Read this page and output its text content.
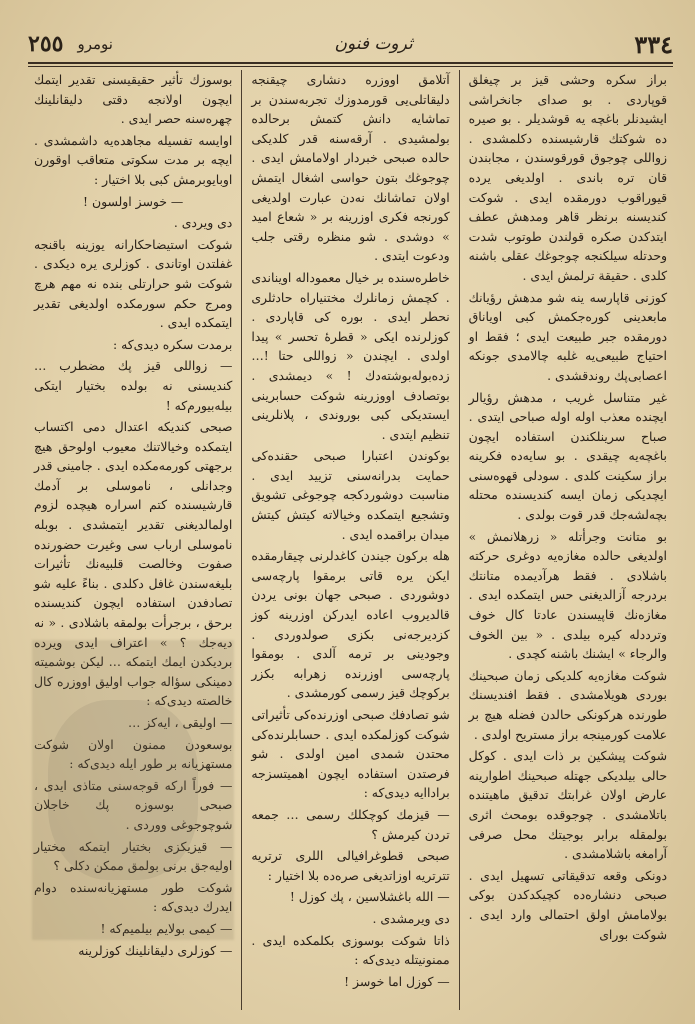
٢٥٥ نومرو	ثروت فنون	۳۳٤

براز سكره وحشى قيز بر چيغلق قوپاردى . بو صداى جانخراشى ايشيدنلر باغچه يه قوشديلر . بو صيره ده شوكتك قارشيسنده دكلمشدى . زواللى چوجوق قورقوسندن ، مجابندن قان تره باندى . اولديغى يرده قيوراقوب دورمقده ايدى . شوكت كنديسنه برنظر قاهر ومدهش عطف ايتدكدن صكره قولندن طوتوب شدت وحدتله سيلكنجه چوجوغك عقلى باشنه كلدى . حقيقة ترلمش ايدى .

كوزنى قاپارسه ينه شو مدهش رؤيانك مابعدينى كوره‌جكمش كبى اوياناق دورمقده جبر طبيعت ايدى ؛ فقط او احتياج طبيعى‌يه غلبه چالامدى جونكه اعصابى‌پك روندقشدى .

غير متناسل غريب ، مدهش رؤيالر ايچنده معذب اوله اوله صباحى ايتدى . صباح سرينلكندن استفاده ايچون باغچه‌يه چيقدى . بو سايه‌ده فكرينه براز سكينت كلدى . سودلى قهوه‌سنى ايچديكى زمان ايسه كنديسنده محتله بچه‌لشه‌جك قدر قوت بولدى .

بو متانت وجرأتله « زرهلانمش » اولديغى حالده مغازه‌يه دوغرى حركته باشلادى . فقط هرآديمده متانتك بردرجه آزالديغنى حس ايتمكده ايدى . مغازه‌نك قاپيسندن عادتا كال خوف وترددله كيره بيلدى . « بين الخوف والرجاء » ايشنك باشنه كچدى .

شوكت مغازه‌يه كلديكى زمان صبحينك بوردى هويلامشدى . فقط افنديسنك طورنده هركونكى حالدن فضله هيچ بر علامت كورمينجه براز مستريح اولدى .

شوكت پيشكين بر ذات ايدى . كوكل حالى بيلديكى جهتله صبحينك اطوارينه عارض اولان غرابتك تدقيق ماهيتنده باتلامشدى . چوجوقده بومحث اثرى بولمقله برابر بوجيتك محل صرفى آرامغه باشلامشدى .

دونكى وقعه تدقيقاتى تسهيل ايدى . صبحى دنشاره‌ده كچيكدكدن بوكى بولامامش اولق احتمالى وارد ايدى . شوكت بوراى

آتلامق اووزره دنشارى چيقنجه دليقاتلى‌يى قورمدوزك تجربه‌سندن بر تماشايه دانش كتمش برحالده بولمشيدى . آرقه‌سنه قدر كلديكى حالده صبحى خبردار اولامامش ايدى . چوجوغك بتون حواسى اشغال ايتمش اولان تماشانك نه‌دن عبارت اولديغى كورنجه فكرى اوزرينه بر « شعاع اميد » دوشدى . شو منظره رقتى جلب ودعوت ايتدى .

خاطره‌سنده بر خيال معموداله اويناندى . كچمش زمانلرك مختنياراه حادثلرى نحطر ايدى . بوره كى قاپاردى . كوزلرنده ايكى « قطرهٔ تحسر » پيدا اولدى . ايچندن « زواللى حتا !… زده‌بوله‌بوشته‌دك ! » ديمشدى . بوتصادف اووزرينه شوكت حسابرينى ايستديكى كبى بوروندى ، پلانلرينى تنظيم ايتدى .

بوكوندن اعتبارا صبحى حقنده‌كى حمايت بدرانه‌سنى تزييد ايدى . مناسبت دوشوردكجه چوجوغى تشويق وتشجيع ايتمكده وخيالاته كيتش كيتش ميدان براقمده ايدى .

هله بركون جيندن كاغدلرنى چيقارمقده ايكن يره قاتى برمقوا پارچه‌سى دوشوردى . صبحى جهان بونى يردن قالديروب اعاده ايدركن اوزرينه كوز كزديرجه‌نى بكزى صولدوردى . وجودينى بر ترمه آلدى . بومقوا پارچه‌سى اوزرنده زهرابه بكزر بركوچك قيز رسمى كورمشدى .

شو تصادفك صبحى اوزرنده‌كى تأثيراتى شوكت كوزلمكده ايدى . حسابلرنده‌كى محتدن شمدى امين اولدى . شو فرصتدن استفاده ايچون اهميتسزجه براداايه ديدى‌كه :

— قيزمك كوچكلك رسمى … جمعه تردن كيرمش ؟

صبحى قطوغرافيالى اللرى ترتريه تترتريه اوزاتديغى صره‌ده بلا اختيار :

— الله باغشلاسين ، پك كوزل !

دى ويرمشدى .

ذاتا شوكت بوسوزى بكلمكده ايدى . ممنونيتله ديدى‌كه :

— كوزل اما خوسز !

بوسوزك تأثير حقيقيسنى تقدير ايتمك ايچون اولانجه دقتى دليقانلينك چهره‌سنه حصر ايدى .

اوايسه تفسيله مجاهده‌يه داشمشدى . ايچه بر مدت سكوتى متعاقب اوقورن اوبايوبرمش كبى بلا اختيار :

— خوسز اولسون !

دى ويردى .

شوكت استيضاحكارانه يوزينه باقنجه غفلتدن اوتاندى . كوزلرى يره ديكدى . شوكت شو حرارتلى بنده نه مهم هرچ ومرج حكم سورمكده اولديغى تقدير ايتمكده ايدى .

برمدت سكره ديدى‌كه :

— زواللى قيز پك مضطرب … كنديسنى نه بولده بختيار ايتكى بيله‌بيورم‌كه !

صبحى كنديكه اعتدال دمى اكتساب ايتمكده وخيالاتنك معيوب اولوحق هيچ برجهتى كورمه‌مكده ايدى . جامينى قدر وجدانلى ، ناموسلى بر آدمك قارشيسنده كتم اسراره هيچده لزوم اولمالديغنى تقدير ايتمشدى . بوبله ناموسلى ارباب سى وغيرت حضورنده صفوت وخالصت قلبيه‌نك تأثيرات بليغه‌سندن غافل دكلدى . بناءً عليه شو تصادفدن استفاده ايچون كنديسنده برحق ، برجرأت بولمقه باشلادى . « نه ديه‌جك ؟ » اعتراف ايدى ويرده برديكدن ايمك ايتمكه … ليكن بوشميته دمينكى سؤاله جواب اوليق اووزره كال خالصته ديدى‌كه :

— اوليقى ، ايه‌كز …

بوسعودن ممنون اولان شوكت مستهزيانه بر طور ايله ديدى‌كه :

— فوراً اركه قوجه‌سنى متاذى ايدى ، صبحى بوسوزه پك خاجلان شوچوجوغى ووردى .

— قيزيكزى بختيار ايتمكه مختيار اوليه‌جق برنى بولمق ممكن دكلى ؟

شوكت طور مستهزيانه‌سنده دوام ايدرك ديدى‌كه :

— كيمى بولايم بيلميم‌كه !

— كوزلرى دليقانلينك كوزلرينه
